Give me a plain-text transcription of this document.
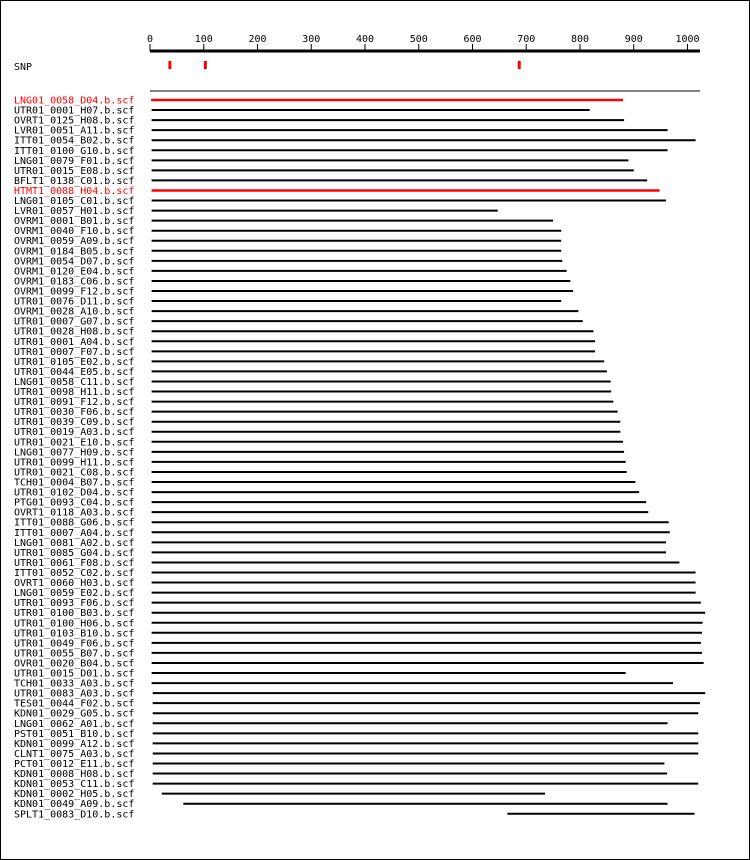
0	100	200	300	400	500	600	700	800	900	1000
SNP
LNG01_0058_D04.b.scf
UTR01_0001_H07.b.scf
OVRT1_0125_H08.b.scf
LVR01_0051_A11.b.scf
ITT01_0054_B02.b.scf
ITT01_0100_G10.b.scf
LNG01_0079_F01.b.scf
UTR01_0015_E08.b.scf
BFLT1_0138_C01.b.scf
HTMT1_0088_H04.b.scf
LNG01_0105_C01.b.scf
LVR01_0057_H01.b.scf
OVRM1_0001_B01.b.scf
OVRM1_0040_F10.b.scf
OVRM1_0059_A09.b.scf
OVRM1_0184_B05.b.scf
OVRM1_0054_D07.b.scf
OVRM1_0120_E04.b.scf
OVRM1_0183_C06.b.scf
OVRM1_0099_F12.b.scf
UTR01_0076_D11.b.scf
OVRM1_0028_A10.b.scf
UTR01_0007_G07.b.scf
UTR01_0028_H08.b.scf
UTR01_0001_A04.b.scf
UTR01_0007_F07.b.scf
UTR01_0105_E02.b.scf
UTR01_0044_E05.b.scf
LNG01_0058_C11.b.scf
UTR01_0098_H11.b.scf
UTR01_0091_F12.b.scf
UTR01_0030_F06.b.scf
UTR01_0039_C09.b.scf
UTR01_0019_A03.b.scf
UTR01_0021_E10.b.scf
LNG01_0077_H09.b.scf
UTR01_0099_H11.b.scf
UTR01_0021_C08.b.scf
TCH01_0004_B07.b.scf
UTR01_0102_D04.b.scf
PTG01_0093_C04.b.scf
OVRT1_0118_A03.b.scf
ITT01_0088_G06.b.scf
ITT01_0007_A04.b.scf
LNG01_0081_A02.b.scf
UTR01_0085_G04.b.scf
UTR01_0061_F08.b.scf
ITT01_0052_C02.b.scf
OVRT1_0060_H03.b.scf
LNG01_0059_E02.b.scf
UTR01_0093_F06.b.scf
UTR01_0100_B03.b.scf
UTR01_0100_H06.b.scf
UTR01_0103_B10.b.scf
UTR01_0049_F06.b.scf
UTR01_0055_B07.b.scf
OVR01_0020_B04.b.scf
UTR01_0015_D01.b.scf
TCH01_0033_A03.b.scf
UTR01_0083_A03.b.scf
TES01_0044_F02.b.scf
KDN01_0029_G05.b.scf
LNG01_0062_A01.b.scf
PST01_0051_B10.b.scf
KDN01_0099_A12.b.scf
CLNT1_0075_A03.b.scf
PCT01_0012_E11.b.scf
KDN01_0008_H08.b.scf
KDN01_0053_C11.b.scf
KDN01_0002_H05.b.scf
KDN01_0049_A09.b.scf
SPLT1_0083_D10.b.scf
